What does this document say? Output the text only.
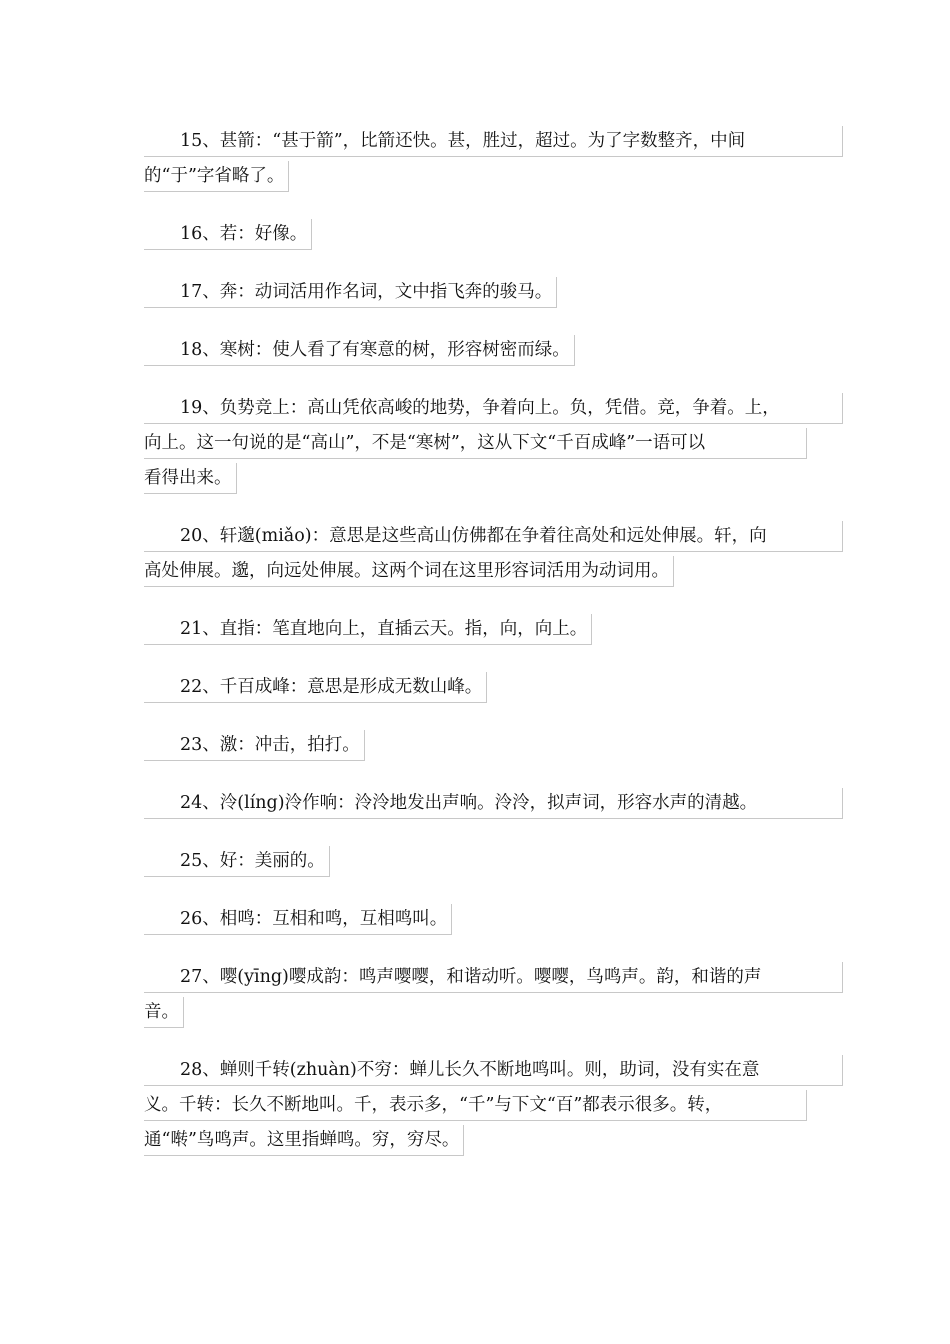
15、甚箭：“甚于箭”，比箭还快。甚，胜过，超过。为了字数整齐，中间
的“于”字省略了。
16、若：好像。
17、奔：动词活用作名词，文中指飞奔的骏马。
18、寒树：使人看了有寒意的树，形容树密而绿。
19、负势竞上：高山凭依高峻的地势，争着向上。负，凭借。竞，争着。上，
向上。这一句说的是“高山”，不是“寒树”，这从下文“千百成峰”一语可以
看得出来。
20、轩邈(miǎo)：意思是这些高山仿佛都在争着往高处和远处伸展。轩，向
高处伸展。邈，向远处伸展。这两个词在这里形容词活用为动词用。
21、直指：笔直地向上，直插云天。指，向，向上。
22、千百成峰：意思是形成无数山峰。
23、激：冲击，拍打。
24、泠(líng)泠作响：泠泠地发出声响。泠泠，拟声词，形容水声的清越。
25、好：美丽的。
26、相鸣：互相和鸣，互相鸣叫。
27、嘤(yīng)嘤成韵：鸣声嘤嘤，和谐动听。嘤嘤，鸟鸣声。韵，和谐的声
音。
28、蝉则千转(zhuàn)不穷：蝉儿长久不断地鸣叫。则，助词，没有实在意
义。千转：长久不断地叫。千，表示多，“千”与下文“百”都表示很多。转，
通“啭”鸟鸣声。这里指蝉鸣。穷，穷尽。
